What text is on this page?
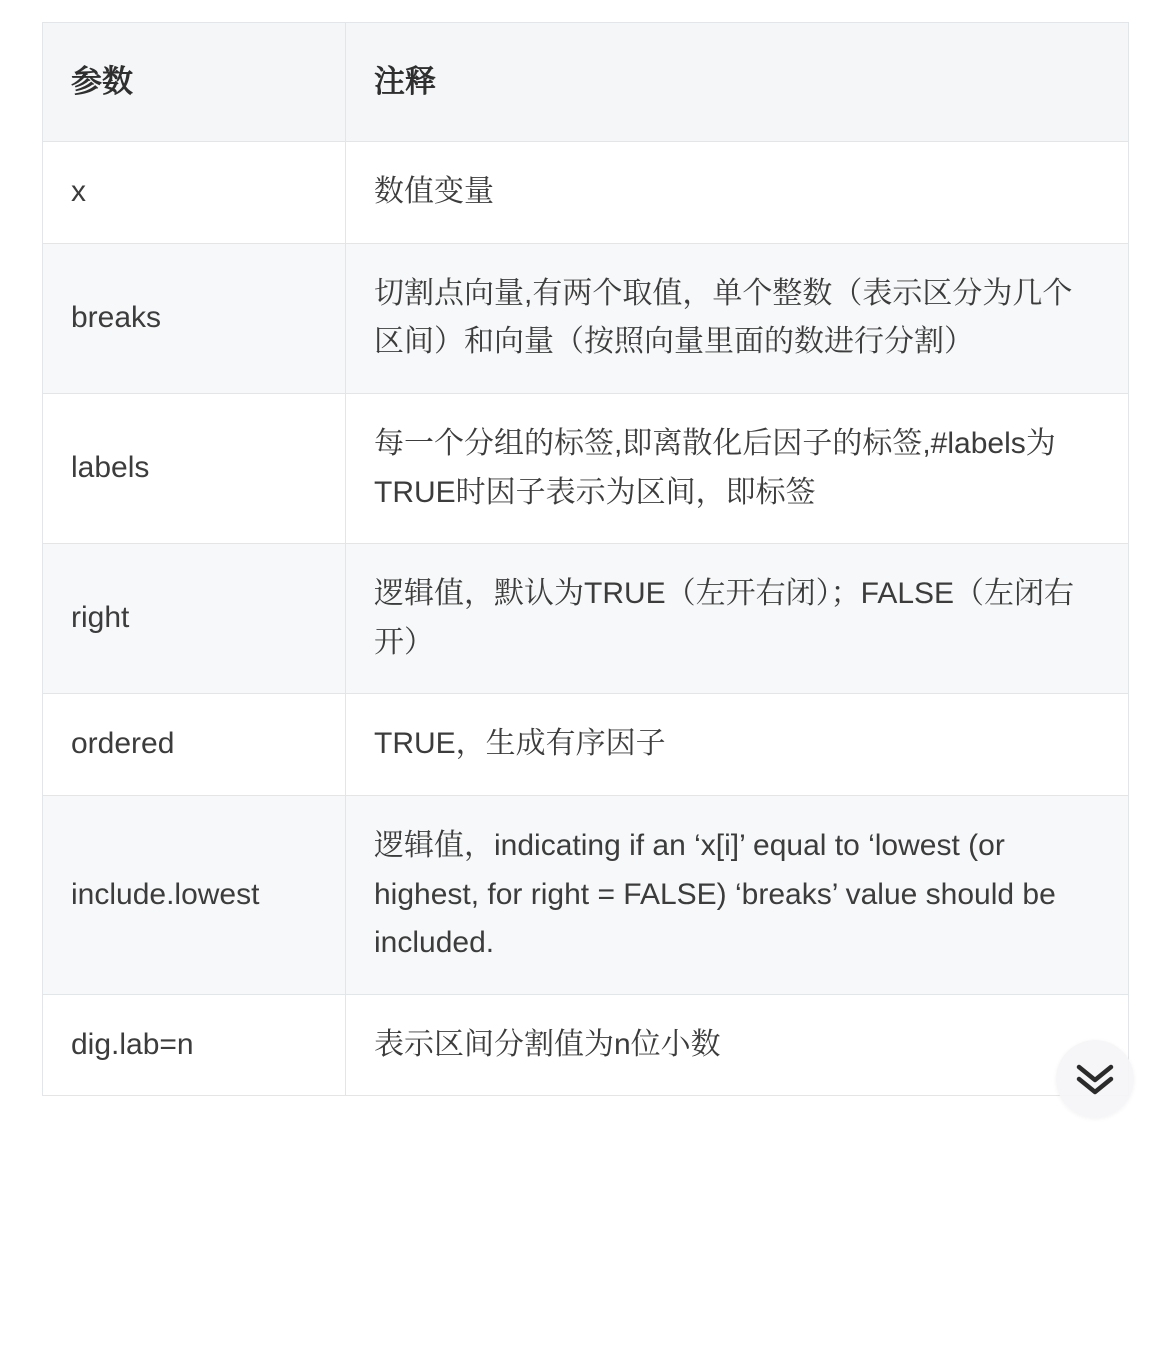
参数	注释
x	数值变量
breaks	切割点向量,有两个取值，单个整数（表示区分为几个区间）和向量（按照向量里面的数进行分割）
labels	每一个分组的标签,即离散化后因子的标签,#labels为TRUE时因子表示为区间，即标签
right	逻辑值，默认为TRUE（左开右闭）；FALSE（左闭右开）
ordered	TRUE，生成有序因子
include.lowest	逻辑值，indicating if an ‘x[i]’ equal to ‘lowest (or highest, for right = FALSE) ‘breaks’ value should be included.
dig.lab=n	表示区间分割值为n位小数
